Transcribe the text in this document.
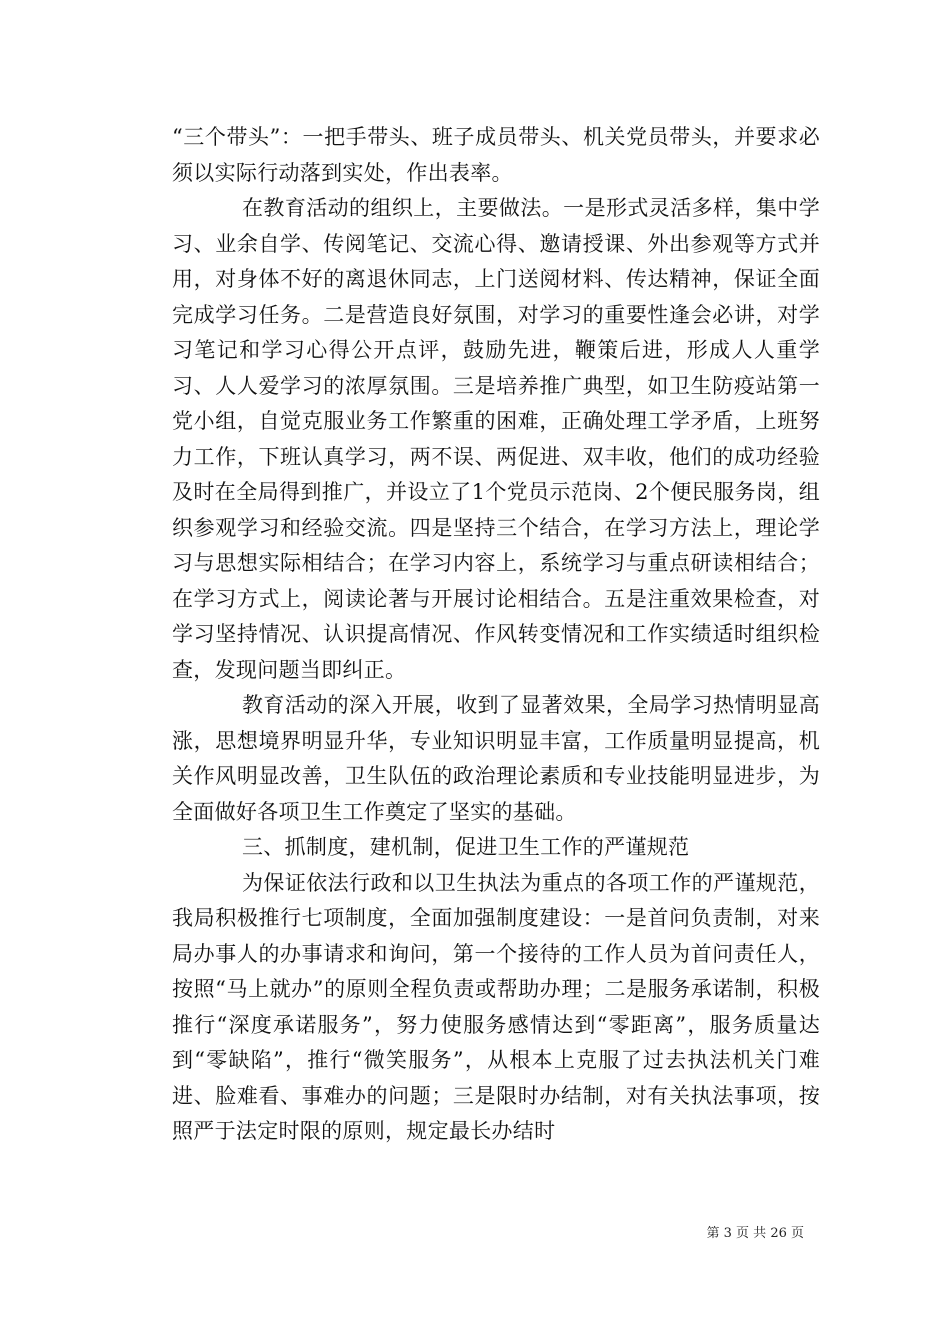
“三个带头”：一把手带头、班子成员带头、机关党员带头，并要求必须以实际行动落到实处，作出表率。

在教育活动的组织上，主要做法。一是形式灵活多样，集中学习、业余自学、传阅笔记、交流心得、邀请授课、外出参观等方式并用，对身体不好的离退休同志，上门送阅材料、传达精神，保证全面完成学习任务。二是营造良好氛围，对学习的重要性逢会必讲，对学习笔记和学习心得公开点评，鼓励先进，鞭策后进，形成人人重学习、人人爱学习的浓厚氛围。三是培养推广典型，如卫生防疫站第一党小组，自觉克服业务工作繁重的困难，正确处理工学矛盾，上班努力工作，下班认真学习，两不误、两促进、双丰收，他们的成功经验及时在全局得到推广，并设立了1个党员示范岗、2个便民服务岗，组织参观学习和经验交流。四是坚持三个结合，在学习方法上，理论学习与思想实际相结合；在学习内容上，系统学习与重点研读相结合；在学习方式上，阅读论著与开展讨论相结合。五是注重效果检查，对学习坚持情况、认识提高情况、作风转变情况和工作实绩适时组织检查，发现问题当即纠正。

教育活动的深入开展，收到了显著效果，全局学习热情明显高涨，思想境界明显升华，专业知识明显丰富，工作质量明显提高，机关作风明显改善，卫生队伍的政治理论素质和专业技能明显进步，为全面做好各项卫生工作奠定了坚实的基础。

三、抓制度，建机制，促进卫生工作的严谨规范

为保证依法行政和以卫生执法为重点的各项工作的严谨规范，我局积极推行七项制度，全面加强制度建设：一是首问负责制，对来局办事人的办事请求和询问，第一个接待的工作人员为首问责任人，按照“马上就办”的原则全程负责或帮助办理；二是服务承诺制，积极推行“深度承诺服务”，努力使服务感情达到“零距离”，服务质量达到“零缺陷”，推行“微笑服务”，从根本上克服了过去执法机关门难进、脸难看、事难办的问题；三是限时办结制，对有关执法事项，按照严于法定时限的原则，规定最长办结时

第 3 页 共 26 页
